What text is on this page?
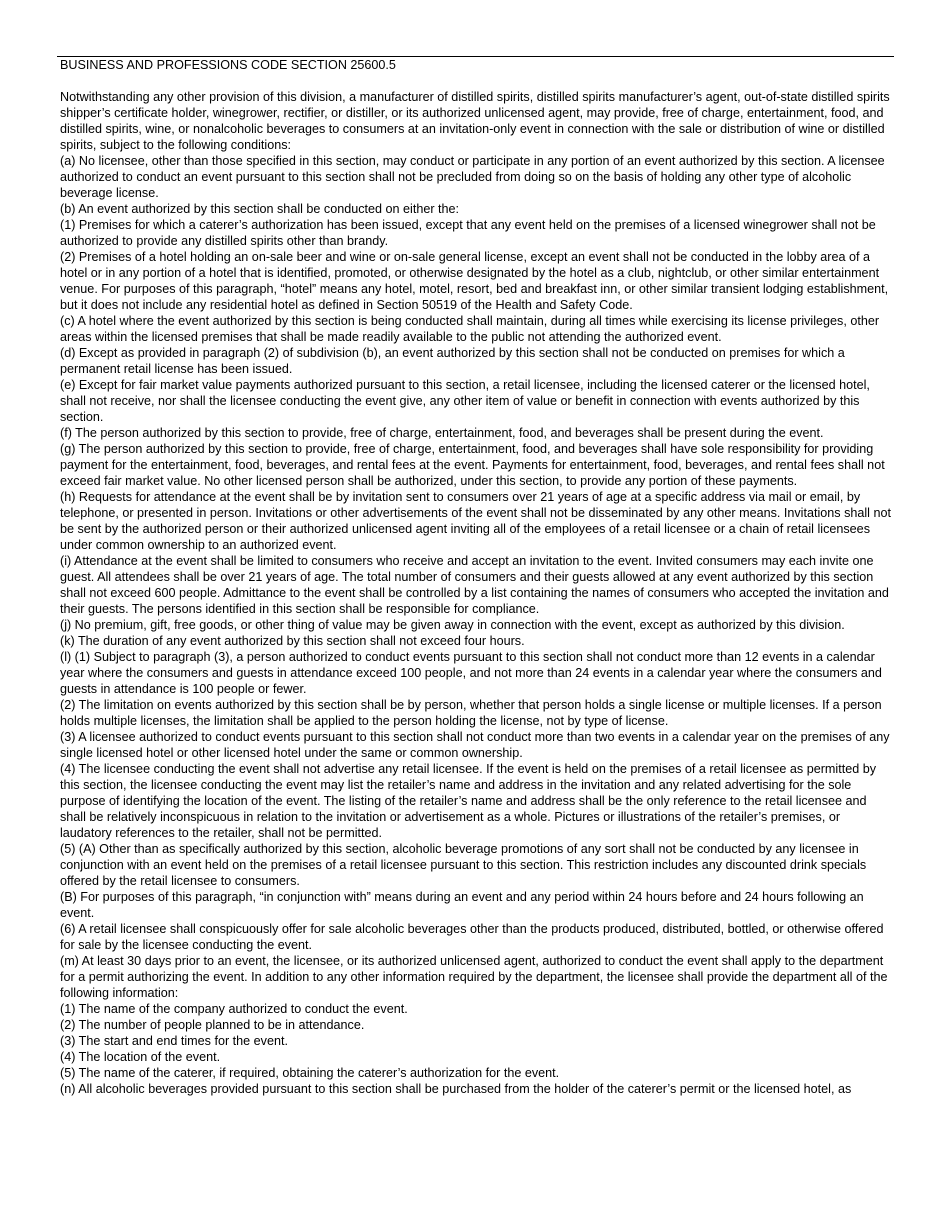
BUSINESS AND PROFESSIONS CODE SECTION 25600.5

Notwithstanding any other provision of this division, a manufacturer of distilled spirits, distilled spirits manufacturer’s agent, out-of-state distilled spirits shipper’s certificate holder, winegrower, rectifier, or distiller, or its authorized unlicensed agent, may provide, free of charge, entertainment, food, and distilled spirits, wine, or nonalcoholic beverages to consumers at an invitation-only event in connection with the sale or distribution of wine or distilled spirits, subject to the following conditions:

(a) No licensee, other than those specified in this section, may conduct or participate in any portion of an event authorized by this section. A licensee authorized to conduct an event pursuant to this section shall not be precluded from doing so on the basis of holding any other type of alcoholic beverage license.

(b) An event authorized by this section shall be conducted on either the:

(1) Premises for which a caterer’s authorization has been issued, except that any event held on the premises of a licensed winegrower shall not be authorized to provide any distilled spirits other than brandy.

(2) Premises of a hotel holding an on-sale beer and wine or on-sale general license, except an event shall not be conducted in the lobby area of a hotel or in any portion of a hotel that is identified, promoted, or otherwise designated by the hotel as a club, nightclub, or other similar entertainment venue. For purposes of this paragraph, “hotel” means any hotel, motel, resort, bed and breakfast inn, or other similar transient lodging establishment, but it does not include any residential hotel as defined in Section 50519 of the Health and Safety Code.

(c) A hotel where the event authorized by this section is being conducted shall maintain, during all times while exercising its license privileges, other areas within the licensed premises that shall be made readily available to the public not attending the authorized event.

(d) Except as provided in paragraph (2) of subdivision (b), an event authorized by this section shall not be conducted on premises for which a permanent retail license has been issued.

(e) Except for fair market value payments authorized pursuant to this section, a retail licensee, including the licensed caterer or the licensed hotel, shall not receive, nor shall the licensee conducting the event give, any other item of value or benefit in connection with events authorized by this section.

(f) The person authorized by this section to provide, free of charge, entertainment, food, and beverages shall be present during the event.

(g) The person authorized by this section to provide, free of charge, entertainment, food, and beverages shall have sole responsibility for providing payment for the entertainment, food, beverages, and rental fees at the event. Payments for entertainment, food, beverages, and rental fees shall not exceed fair market value. No other licensed person shall be authorized, under this section, to provide any portion of these payments.

(h) Requests for attendance at the event shall be by invitation sent to consumers over 21 years of age at a specific address via mail or email, by telephone, or presented in person. Invitations or other advertisements of the event shall not be disseminated by any other means. Invitations shall not be sent by the authorized person or their authorized unlicensed agent inviting all of the employees of a retail licensee or a chain of retail licensees under common ownership to an authorized event.

(i) Attendance at the event shall be limited to consumers who receive and accept an invitation to the event. Invited consumers may each invite one guest. All attendees shall be over 21 years of age. The total number of consumers and their guests allowed at any event authorized by this section shall not exceed 600 people. Admittance to the event shall be controlled by a list containing the names of consumers who accepted the invitation and their guests. The persons identified in this section shall be responsible for compliance.

(j) No premium, gift, free goods, or other thing of value may be given away in connection with the event, except as authorized by this division.

(k) The duration of any event authorized by this section shall not exceed four hours.

(l) (1) Subject to paragraph (3), a person authorized to conduct events pursuant to this section shall not conduct more than 12 events in a calendar year where the consumers and guests in attendance exceed 100 people, and not more than 24 events in a calendar year where the consumers and guests in attendance is 100 people or fewer.

(2) The limitation on events authorized by this section shall be by person, whether that person holds a single license or multiple licenses. If a person holds multiple licenses, the limitation shall be applied to the person holding the license, not by type of license.

(3) A licensee authorized to conduct events pursuant to this section shall not conduct more than two events in a calendar year on the premises of any single licensed hotel or other licensed hotel under the same or common ownership.

(4) The licensee conducting the event shall not advertise any retail licensee. If the event is held on the premises of a retail licensee as permitted by this section, the licensee conducting the event may list the retailer’s name and address in the invitation and any related advertising for the sole purpose of identifying the location of the event. The listing of the retailer’s name and address shall be the only reference to the retail licensee and shall be relatively inconspicuous in relation to the invitation or advertisement as a whole. Pictures or illustrations of the retailer’s premises, or laudatory references to the retailer, shall not be permitted.

(5) (A) Other than as specifically authorized by this section, alcoholic beverage promotions of any sort shall not be conducted by any licensee in conjunction with an event held on the premises of a retail licensee pursuant to this section. This restriction includes any discounted drink specials offered by the retail licensee to consumers.

(B) For purposes of this paragraph, “in conjunction with” means during an event and any period within 24 hours before and 24 hours following an event.

(6) A retail licensee shall conspicuously offer for sale alcoholic beverages other than the products produced, distributed, bottled, or otherwise offered for sale by the licensee conducting the event.

(m) At least 30 days prior to an event, the licensee, or its authorized unlicensed agent, authorized to conduct the event shall apply to the department for a permit authorizing the event. In addition to any other information required by the department, the licensee shall provide the department all of the following information:

(1) The name of the company authorized to conduct the event.

(2) The number of people planned to be in attendance.

(3) The start and end times for the event.

(4) The location of the event.

(5) The name of the caterer, if required, obtaining the caterer’s authorization for the event.

(n) All alcoholic beverages provided pursuant to this section shall be purchased from the holder of the caterer’s permit or the licensed hotel, as
